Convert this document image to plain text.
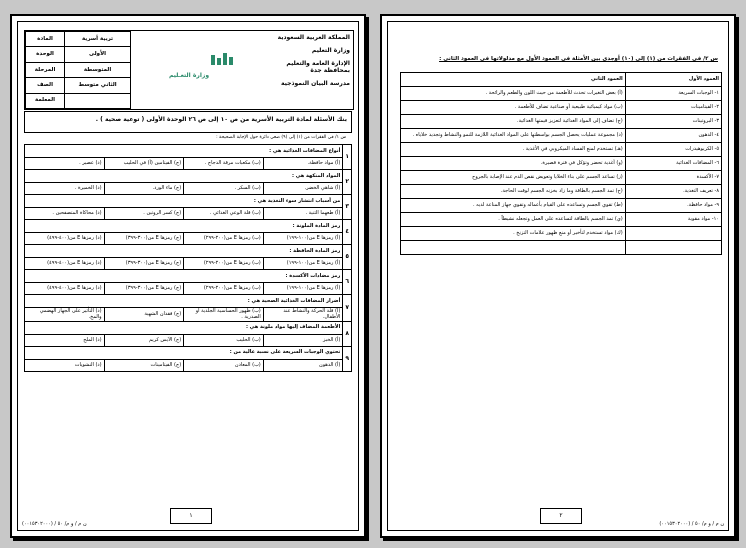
المملكة العربية السعودية
وزارة التعليم
الإدارة العامة والتعليم بمحافظة جدة
مدرسة البيان النموذجية
وزارة التعـليم
تربية أسرية	المادة
الأولى	الوحدة
المتوسطة	المرحلة
الثاني متوسط	الصف
	المعلمة
بنك الأسئلة لمادة التربية الأسرية من ص ١٠ إلى ص ٢٦ الوحدة الأولى ( توعية صحية ) .
س ١/ في الفقرات من (١) إلى (٩) ضعي دائرة حول الإجابة الصحيحة :
١	أنواع المضافات الغذائية هي :			
	(أ) مواد حافظة.	(ب) مكعبات مرقة الدجاج .	(ج) الفيتامين (أ) في الحليب	(د) عصير .
٢	المواد المنكهة هي :			
	(أ) شاهي الخضر.	(ب) السكر .	(ج) ماء الورد.	(د) الخميرة .
٣	من أسباب انتشار سوء التغذية هي :			
	(أ) طعهما الثنية .	(ب) قلة الوعي الغذائي .	(ج) كسر الروتين .	(د) محاكاة المتصفحين .
٤	رمز المادة الملونة :			
	(أ) رمزها E من(١٠٠-١٩٩)	(ب) رمزها E من(٢٠٠-٢٩٩)	(ج) رمزها E من(٣٠٠-٣٩٩)	(د) رمزها E من(٤٠٠-٤٩٩)
٥	رمز المادة الحافظة :			
	(أ) رمزها E من(١٠٠-١٩٩)	(ب) رمزها E من(٢٠٠-٢٩٩)	(ج) رمزها E من(٣٠٠-٣٩٩)	(د) رمزها E من(٤٠٠-٤٩٩)
٦	رمز مضادات الأكسدة :			
	(أ) رمزها E من(١٠٠-١٩٩)	(ب) رمزها E من(٢٠٠-٢٩٩)	(ج) رمزها E من(٣٠٠-٣٩٩)	(د) رمزها E من(٤٠٠-٤٩٩)
٧	أضرار المضافات الغذائية الصحية هي :			
	(أ) قلة الحركة والنشاط عند الأطفال.	(ب) ظهور الحساسية الجلدية أو الصدرية .	(ج) فقدان الشهية	(د) التأثير على الجهاز الهضمي والمخ.
٨	الأطعمة المضاف إليها مواد ملونة هي :			
	(أ) الخبز	(ب) الحليب	(ج) الآيس كريم	(د) الملح
٩	تحتوي الوجبات السريعة على نسبة عالية من :			
	(أ) الدهون	(ب) المعادن	(ج) الفيتامينات	(د) النشويات
١
ن م / و م/ ٥٠ / (٠٠١٥٣٠٢٠٠٠)
س ٢/ في الفقرات من (١) إلى (١٠) أوجدي بين الأمثلة في العمود الأول مع مدلولاتها في العمود الثاني :
العمود الأول	العمود الثاني
١- الوجبات السريعة	(أ) بعض التغيرات تحدث للأطعمة من حيث اللون والطعم والرائحة .
٢- الفيتامينات	(ب) مواد كيميائية طبيعية أو صناعية تضاف للأطعمة .
٣- البروتينات	(ج) تضاف إلى المواد الغذائية لتعزيز قيمتها الغذائية.
٤- الدهون	(د) مجموعة عمليات يحصل الجسم بواسطتها على المواد الغذائية اللازمة للنمو والنشاط وتجديد خلاياه .
٥- الكربوهيدرات	(هـ) تستخدم لمنع الفساد الميكروبي في الأغذية .
٦- المضافات الغذائية	(و) أغذية تحضر وتؤكل في فترة قصيرة.
٧- الأكسدة	(ز) تساعد الجسم على بناء الخلايا وتعويض نقص الدم عند الإصابة بالجروح
٨- تعريف التغذية.	(ح) تمد الجسم بالطاقة وما زاد بخزنه الجسم لوقت الحاجة.
٩- مواد حافظة.	(ط) تقوي الجسم وتساعده على القيام بأعماله وتقوي جهاز المناعة لديه .
١٠- مواد مقوية	(ي) تمد الجسم بالطاقة لتساعده على العمل وتجعله نشيطاً .
	(ك) مواد تستخدم لتأخير أو منع ظهور علامات التزنخ .

٢
ن م / و م/ ٥٠ / (٠٠١٥٣٠٢٠٠٠)
